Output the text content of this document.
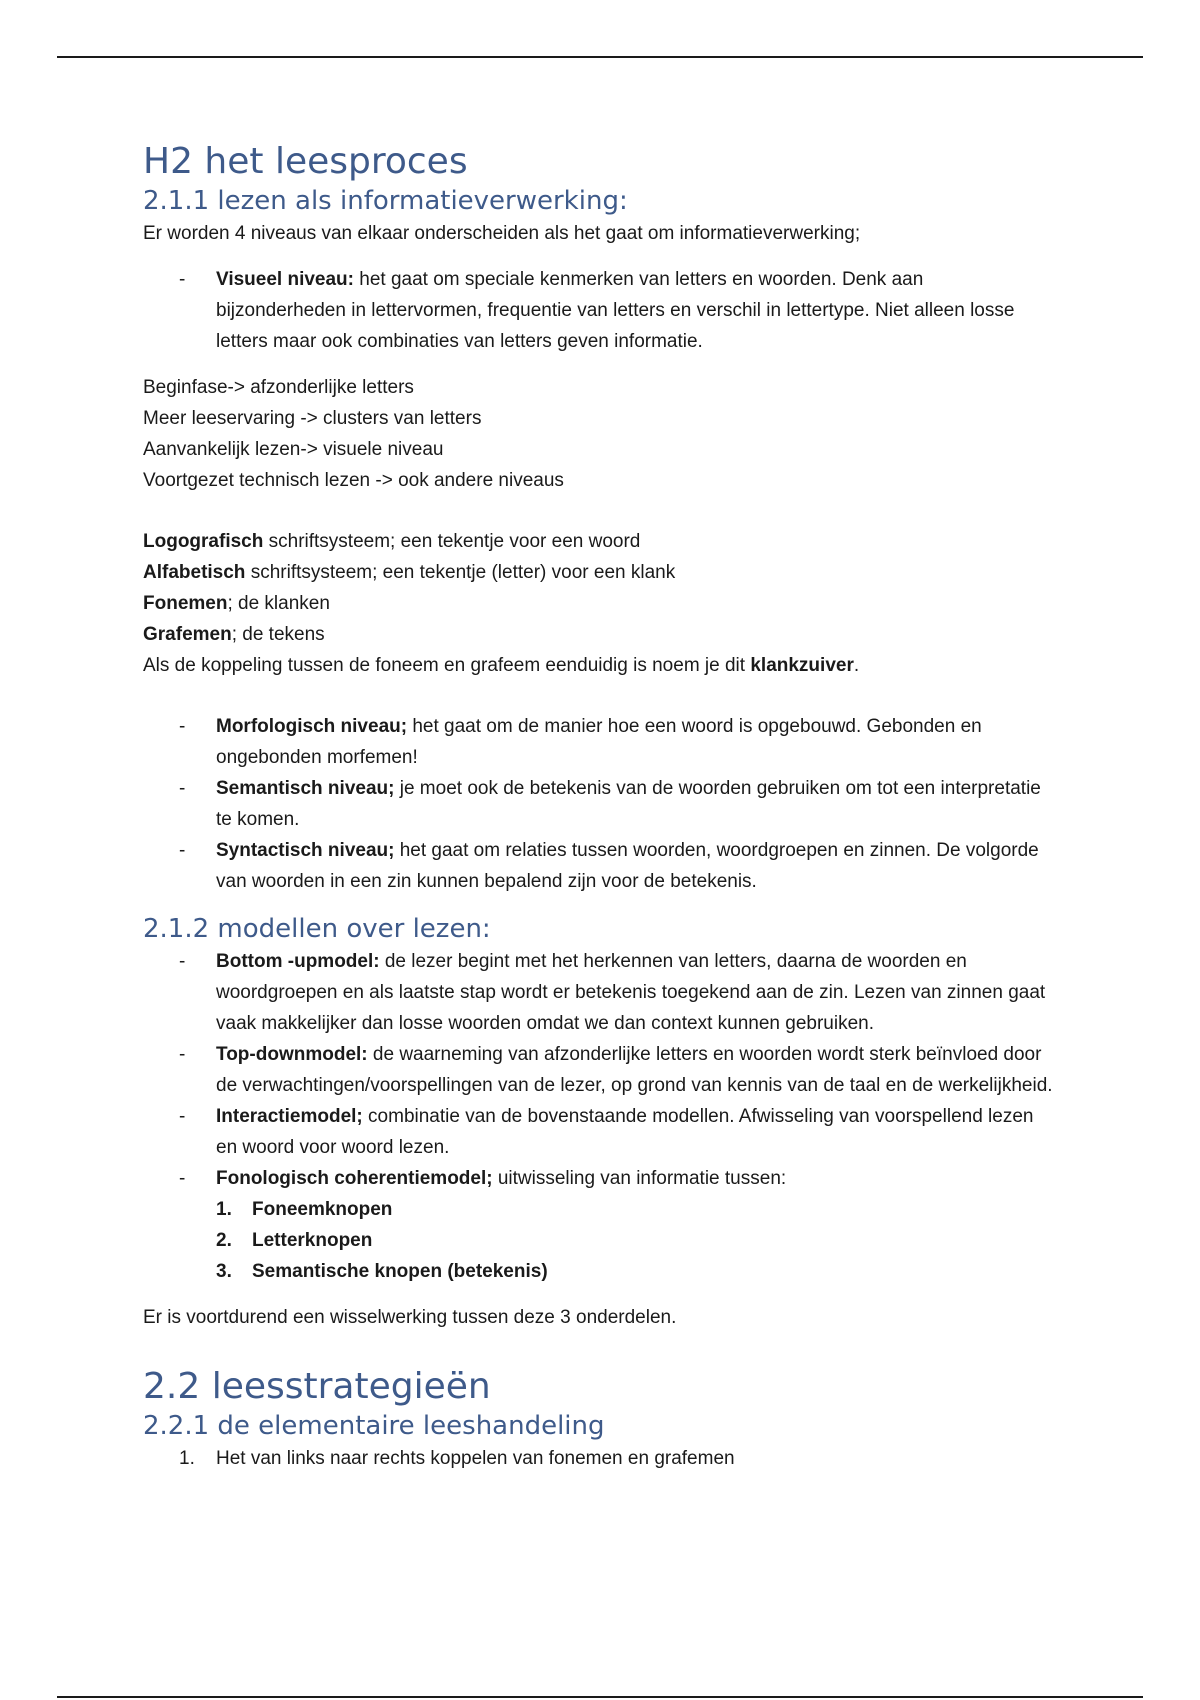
H2 het leesproces
2.1.1 lezen als informatieverwerking:

Er worden 4 niveaus van elkaar onderscheiden als het gaat om informatieverwerking;

- Visueel niveau: het gaat om speciale kenmerken van letters en woorden. Denk aan bijzonderheden in lettervormen, frequentie van letters en verschil in lettertype. Niet alleen losse letters maar ook combinaties van letters geven informatie.

Beginfase-> afzonderlijke letters

Meer leeservaring -> clusters van letters

Aanvankelijk lezen-> visuele niveau

Voortgezet technisch lezen -> ook andere niveaus

Logografisch schriftsysteem; een tekentje voor een woord

Alfabetisch schriftsysteem; een tekentje (letter) voor een klank

Fonemen; de klanken

Grafemen; de tekens

Als de koppeling tussen de foneem en grafeem eenduidig is noem je dit klankzuiver.

- Morfologisch niveau; het gaat om de manier hoe een woord is opgebouwd. Gebonden en ongebonden morfemen!
- Semantisch niveau; je moet ook de betekenis van de woorden gebruiken om tot een interpretatie te komen.
- Syntactisch niveau; het gaat om relaties tussen woorden, woordgroepen en zinnen. De volgorde van woorden in een zin kunnen bepalend zijn voor de betekenis.
2.1.2 modellen over lezen:
- Bottom -upmodel: de lezer begint met het herkennen van letters, daarna de woorden en woordgroepen en als laatste stap wordt er betekenis toegekend aan de zin. Lezen van zinnen gaat vaak makkelijker dan losse woorden omdat we dan context kunnen gebruiken.
- Top-downmodel: de waarneming van afzonderlijke letters en woorden wordt sterk beïnvloed door de verwachtingen/voorspellingen van de lezer, op grond van kennis van de taal en de werkelijkheid.
- Interactiemodel; combinatie van de bovenstaande modellen. Afwisseling van voorspellend lezen en woord voor woord lezen.
- Fonologisch coherentiemodel; uitwisseling van informatie tussen:
1. Foneemknopen
2. Letterknopen
3. Semantische knopen (betekenis)

Er is voortdurend een wisselwerking tussen deze 3 onderdelen.

2.2 leesstrategieën
2.2.1 de elementaire leeshandeling
1. Het van links naar rechts koppelen van fonemen en grafemen
